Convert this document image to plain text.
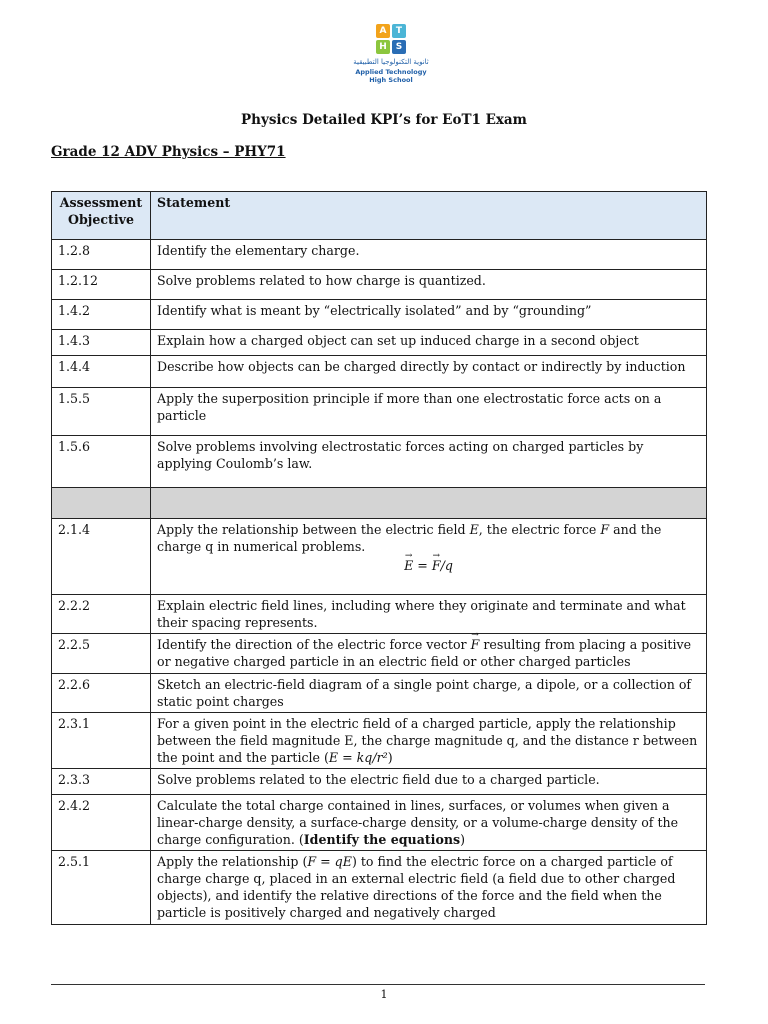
A	T
H S
ثانوية التكنولوجيا التطبيقية
Applied Technology High School
Physics Detailed KPI’s for EoT1 Exam
Grade 12 ADV Physics – PHY71
Assessment Objective	Statement
1.2.8	Identify the elementary charge.
1.2.12	Solve problems related to how charge is quantized.
1.4.2	Identify what is meant by “electrically isolated” and by “grounding”
1.4.3	Explain how a charged object can set up induced charge in a second object
1.4.4	Describe how objects can be charged directly by contact or indirectly by induction
1.5.5	Apply the superposition principle if more than one electrostatic force acts on a particle
1.5.6	Solve problems involving electrostatic forces acting on charged particles by applying Coulomb’s law.

2.1.4	Apply the relationship between the electric field E, the electric force F and the charge q in numerical problems.
→ E = → F/q

2.2.2	Explain electric field lines, including where they originate and terminate and what their spacing represents.
2.2.5	Identify the direction of the electric force vector → F resulting from placing a positive or negative charged particle in an electric field or other charged particles
2.2.6	Sketch an electric-field diagram of a single point charge, a dipole, or a collection of static point charges
2.3.1	For a given point in the electric field of a charged particle, apply the relationship between the field magnitude E, the charge magnitude q, and the distance r between the point and the particle (E = kq/r²)
2.3.3	Solve problems related to the electric field due to a charged particle.
2.4.2	Calculate the total charge contained in lines, surfaces, or volumes when given a linear-charge density, a surface-charge density, or a volume-charge density of the charge configuration. (Identify the equations)
2.5.1	Apply the relationship (F = qE) to find the electric force on a charged particle of charge charge q, placed in an external electric field (a field due to other charged objects), and identify the relative directions of the force and the field when the particle is positively charged and negatively charged
1
